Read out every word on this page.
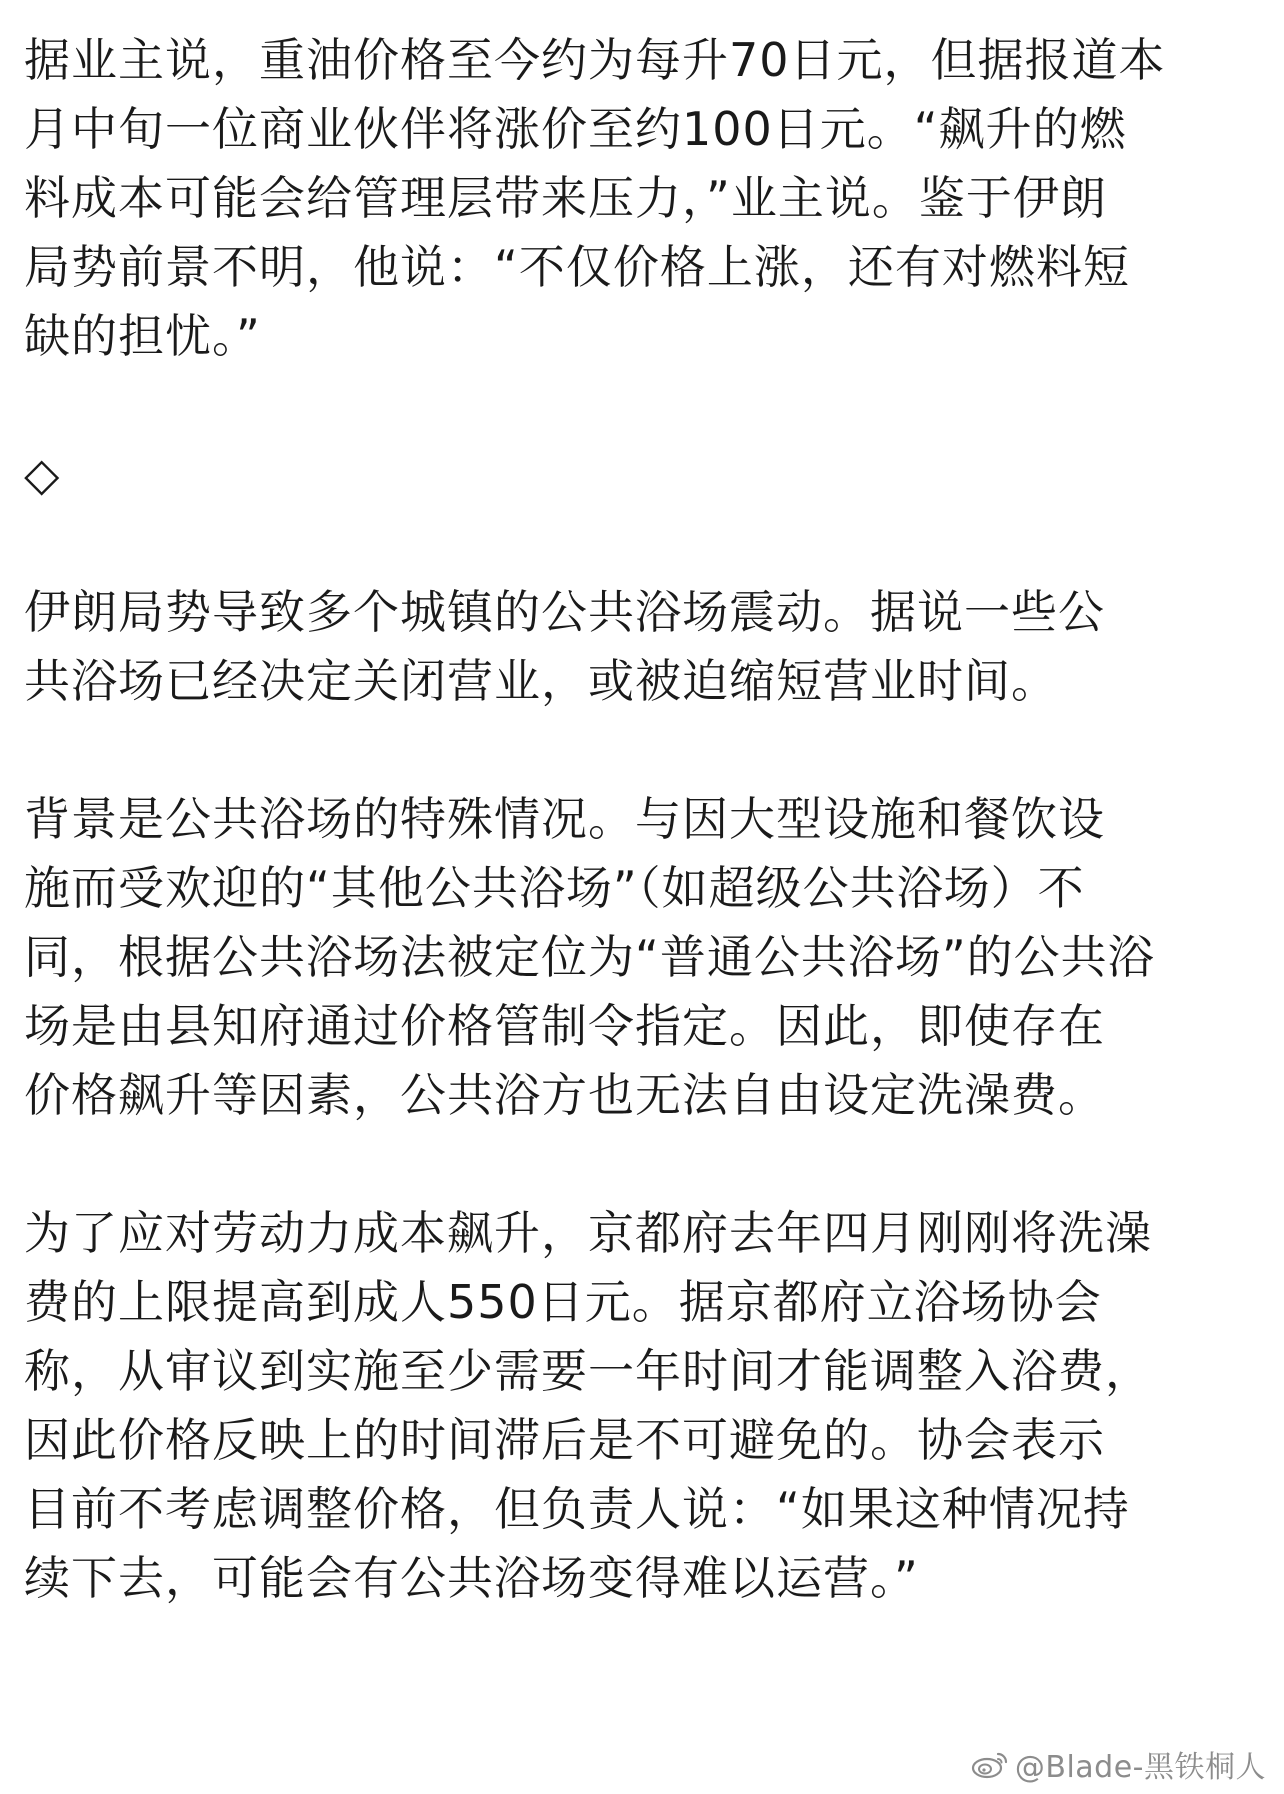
据业主说，重油价格至今约为每升70日元，但据报道本
月中旬一位商业伙伴将涨价至约100日元。“飙升的燃
料成本可能会给管理层带来压力，”业主说。鉴于伊朗
局势前景不明，他说：“不仅价格上涨，还有对燃料短
缺的担忧。”

◇

伊朗局势导致多个城镇的公共浴场震动。据说一些公
共浴场已经决定关闭营业，或被迫缩短营业时间。

背景是公共浴场的特殊情况。与因大型设施和餐饮设
施而受欢迎的“其他公共浴场”（如超级公共浴场）不
同，根据公共浴场法被定位为“普通公共浴场”的公共浴
场是由县知府通过价格管制令指定。因此，即使存在
价格飙升等因素，公共浴方也无法自由设定洗澡费。

为了应对劳动力成本飙升，京都府去年四月刚刚将洗澡
费的上限提高到成人550日元。据京都府立浴场协会
称，从审议到实施至少需要一年时间才能调整入浴费，
因此价格反映上的时间滞后是不可避免的。协会表示
目前不考虑调整价格，但负责人说：“如果这种情况持
续下去，可能会有公共浴场变得难以运营。”

@Blade-黑铁桐人
